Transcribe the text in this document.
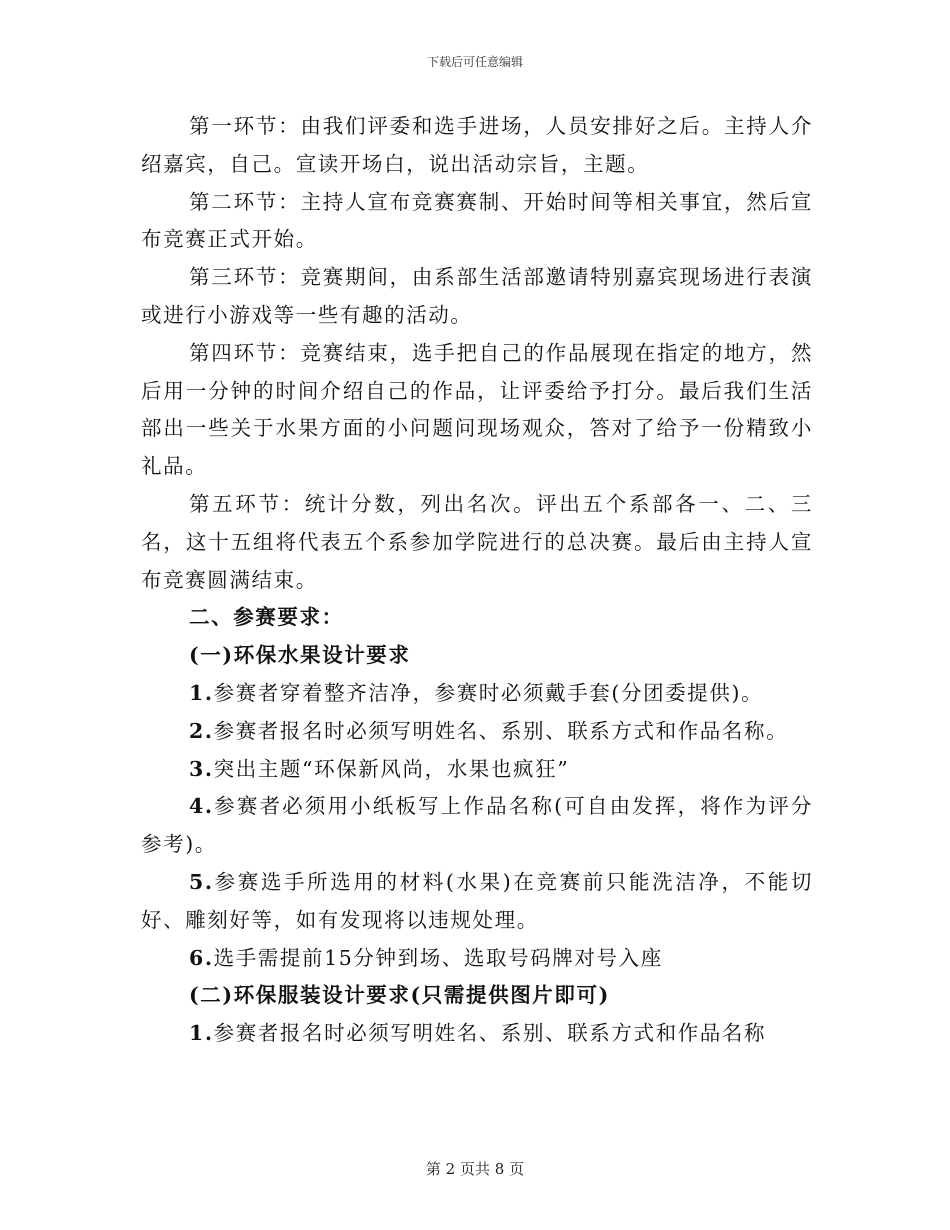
下载后可任意编辑

第一环节：由我们评委和选手进场，人员安排好之后。主持人介绍嘉宾，自己。宣读开场白，说出活动宗旨，主题。

第二环节：主持人宣布竞赛赛制、开始时间等相关事宜，然后宣布竞赛正式开始。

第三环节：竞赛期间，由系部生活部邀请特别嘉宾现场进行表演或进行小游戏等一些有趣的活动。

第四环节：竞赛结束，选手把自己的作品展现在指定的地方，然后用一分钟的时间介绍自己的作品，让评委给予打分。最后我们生活部出一些关于水果方面的小问题问现场观众，答对了给予一份精致小礼品。

第五环节：统计分数，列出名次。评出五个系部各一、二、三名，这十五组将代表五个系参加学院进行的总决赛。最后由主持人宣布竞赛圆满结束。

二、参赛要求：

(一)环保水果设计要求

1.参赛者穿着整齐洁净，参赛时必须戴手套(分团委提供)。

2.参赛者报名时必须写明姓名、系别、联系方式和作品名称。

3.突出主题“环保新风尚，水果也疯狂”

4.参赛者必须用小纸板写上作品名称(可自由发挥，将作为评分参考)。

5.参赛选手所选用的材料(水果)在竞赛前只能洗洁净，不能切好、雕刻好等，如有发现将以违规处理。

6.选手需提前15分钟到场、选取号码牌对号入座

(二)环保服装设计要求(只需提供图片即可)

1.参赛者报名时必须写明姓名、系别、联系方式和作品名称

第 2 页共 8 页
